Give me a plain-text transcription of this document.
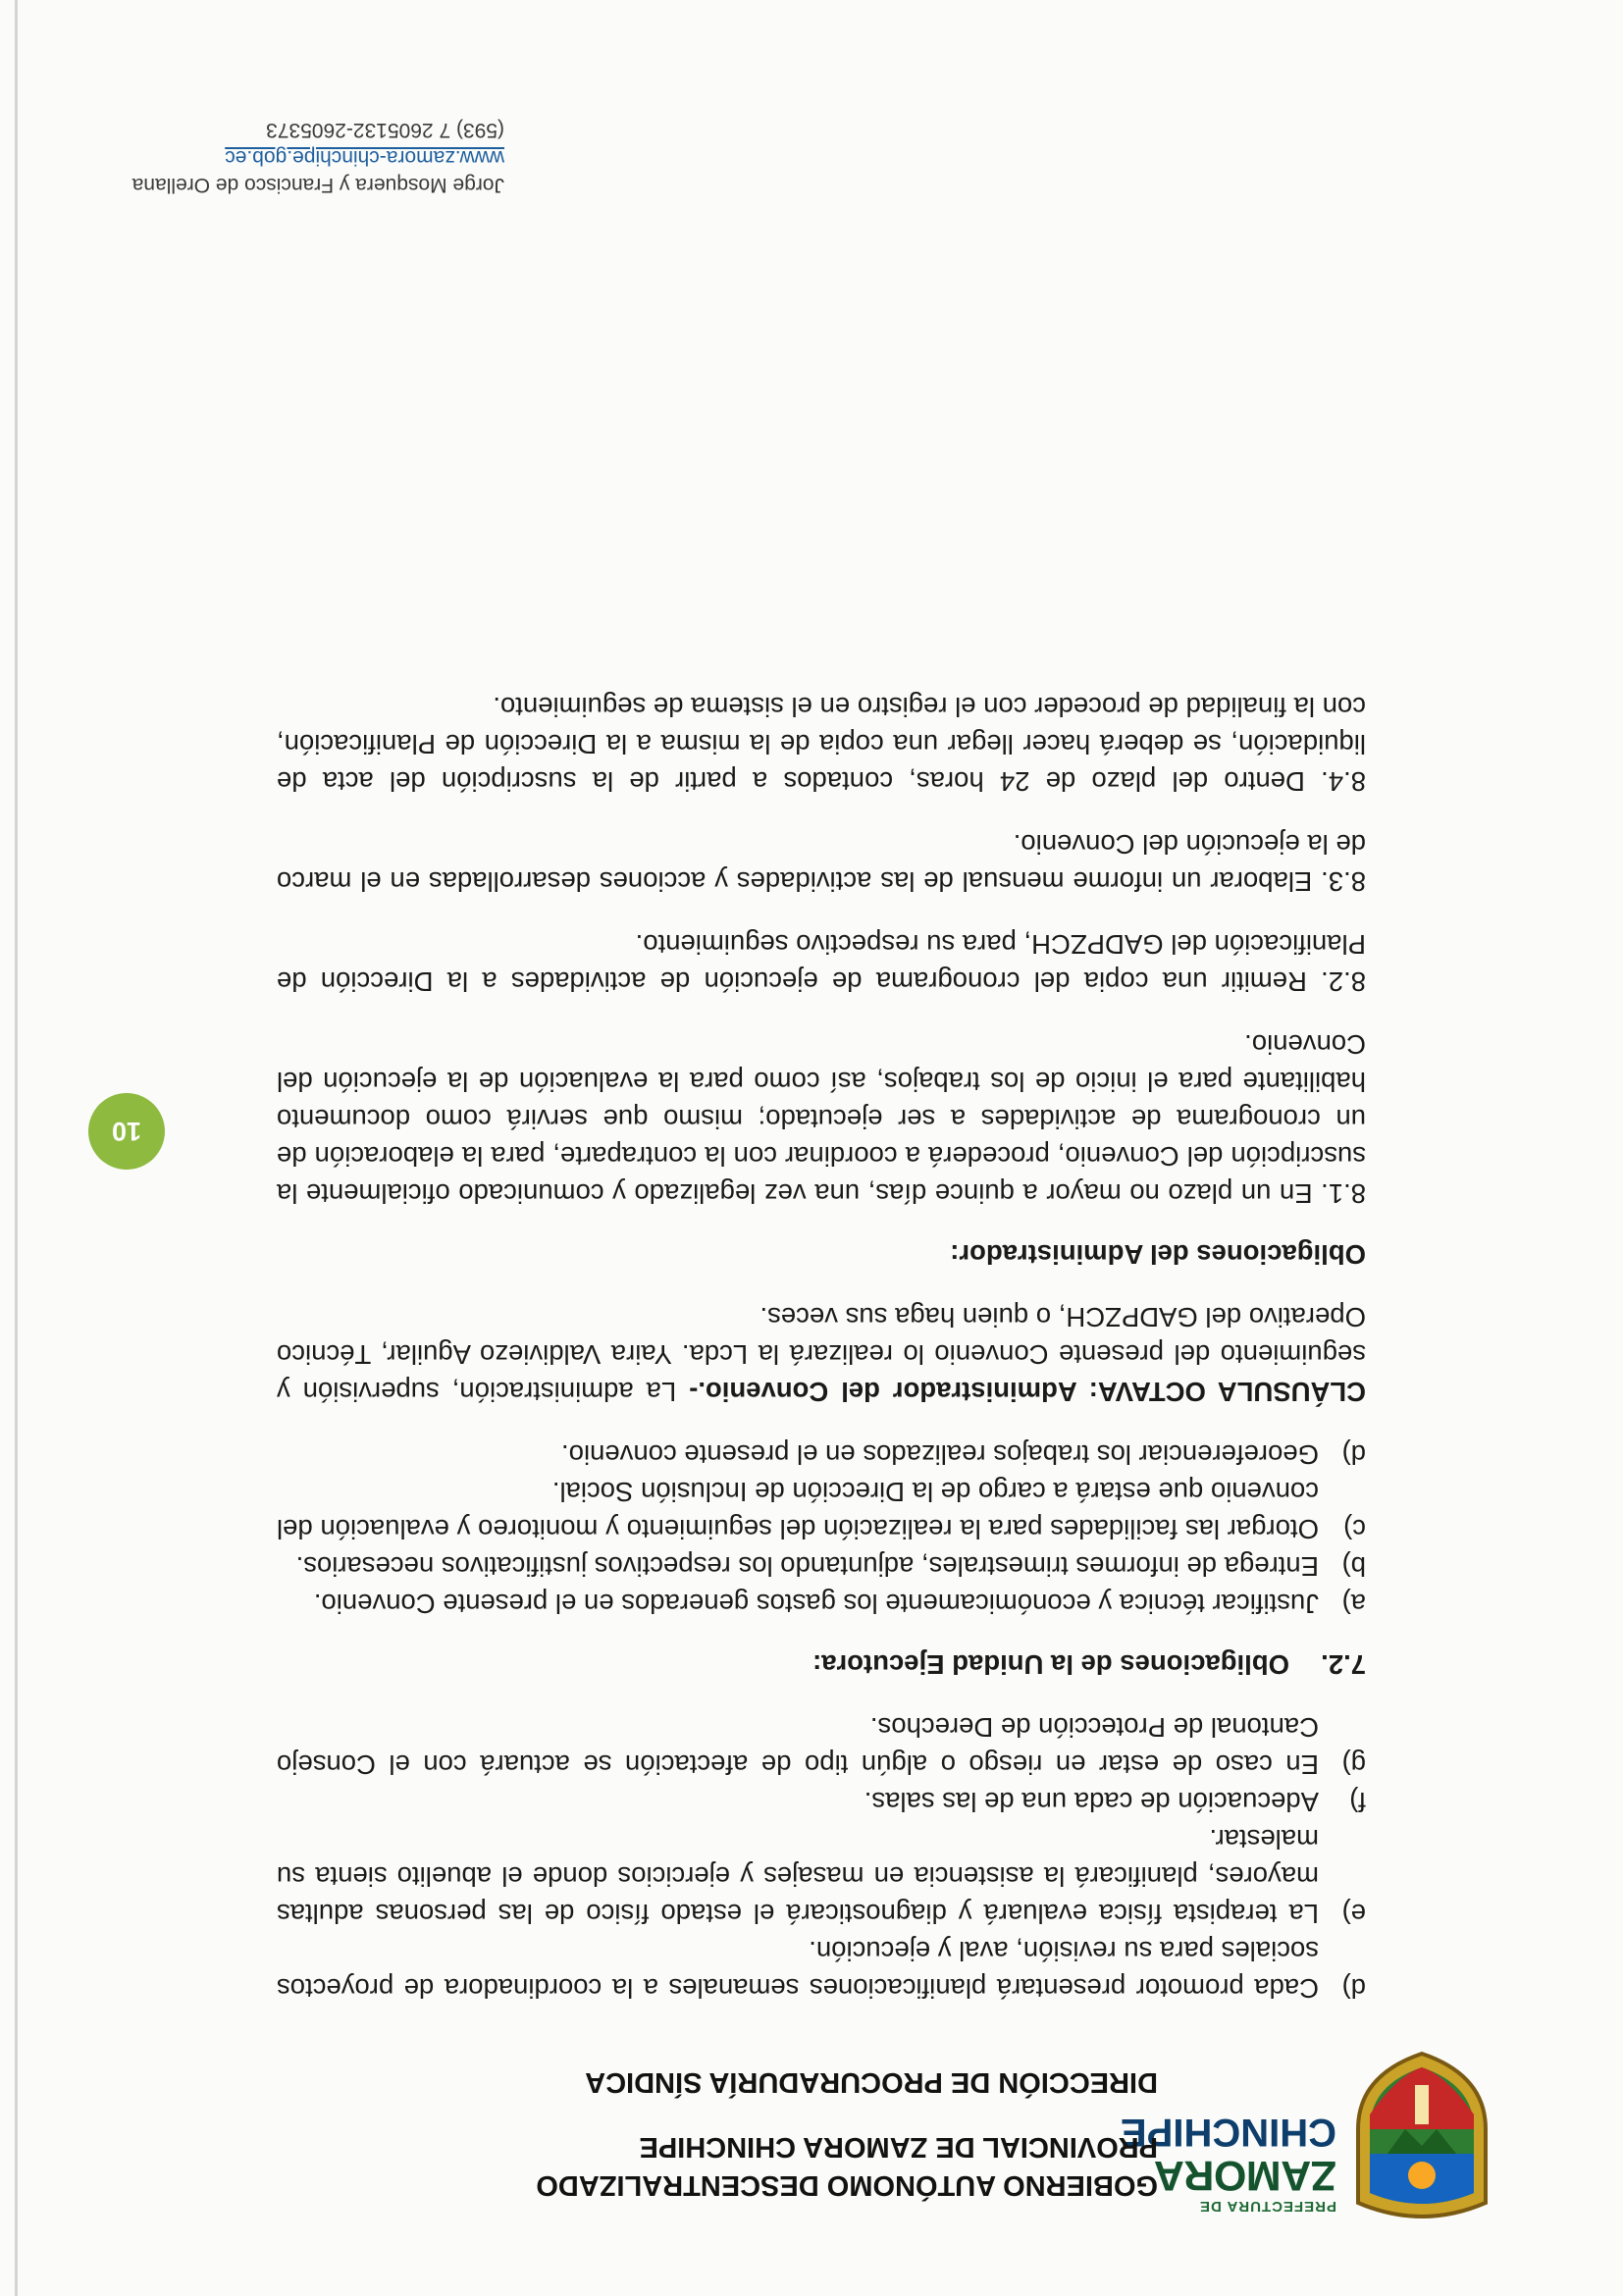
PREFECTURA DE
ZAMORA
CHINCHIPE
GOBIERNO AUTÓNOMO DESCENTRALIZADO PROVINCIAL DE ZAMORA CHINCHIPE
DIRECCIÓN DE PROCURADURÍA SÍNDICA
10
d)
Cada promotor presentará planificaciones semanales a la coordinadora de proyectos sociales para su revisión, aval y ejecución.
e)
La terapista física evaluará y diagnosticará el estado físico de las personas adultas mayores, planificará la asistencia en masajes y ejercicios donde el abuelito sienta su malestar.
f)
Adecuación de cada una de las salas.
g)
En caso de estar en riesgo o algún tipo de afectación se actuará con el Consejo Cantonal de Protección de Derechos.
7.2.
Obligaciones de la Unidad Ejecutora:
a)
Justificar técnica y económicamente los gastos generados en el presente Convenio.
b)
Entrega de informes trimestrales, adjuntando los respectivos justificativos necesarios.
c)
Otorgar las facilidades para la realización del seguimiento y monitoreo y evaluación del convenio que estará a cargo de la Dirección de Inclusión Social.
d)
Georeferenciar los trabajos realizados en el presente convenio.
CLÁUSULA OCTAVA: Administrador del Convenio.- La administración, supervisión y seguimiento del presente Convenio lo realizará la Lcda. Yaira Valdiviezo Aguilar, Técnico Operativo del GADPZCH, o quien haga sus veces.
Obligaciones del Administrador:
8.1. En un plazo no mayor a quince días, una vez legalizado y comunicado oficialmente la suscripción del Convenio, procederá a coordinar con la contraparte, para la elaboración de un cronograma de actividades a ser ejecutado; mismo que servirá como documento habilitante para el inicio de los trabajos, así como para la evaluación de la ejecución del Convenio.
8.2. Remitir una copia del cronograma de ejecución de actividades a la Dirección de Planificación del GADPZCH, para su respectivo seguimiento.
8.3. Elaborar un informe mensual de las actividades y acciones desarrolladas en el marco de la ejecución del Convenio.
8.4. Dentro del plazo de 24 horas, contados a partir de la suscripción del acta de liquidación, se deberá hacer llegar una copia de la misma a la Dirección de Planificación, con la finalidad de proceder con el registro en el sistema de seguimiento.
Jorge Mosquera y Francisco de Orellana
www.zamora-chinchipe.gob.ec
(593) 7 2605132-2605373
